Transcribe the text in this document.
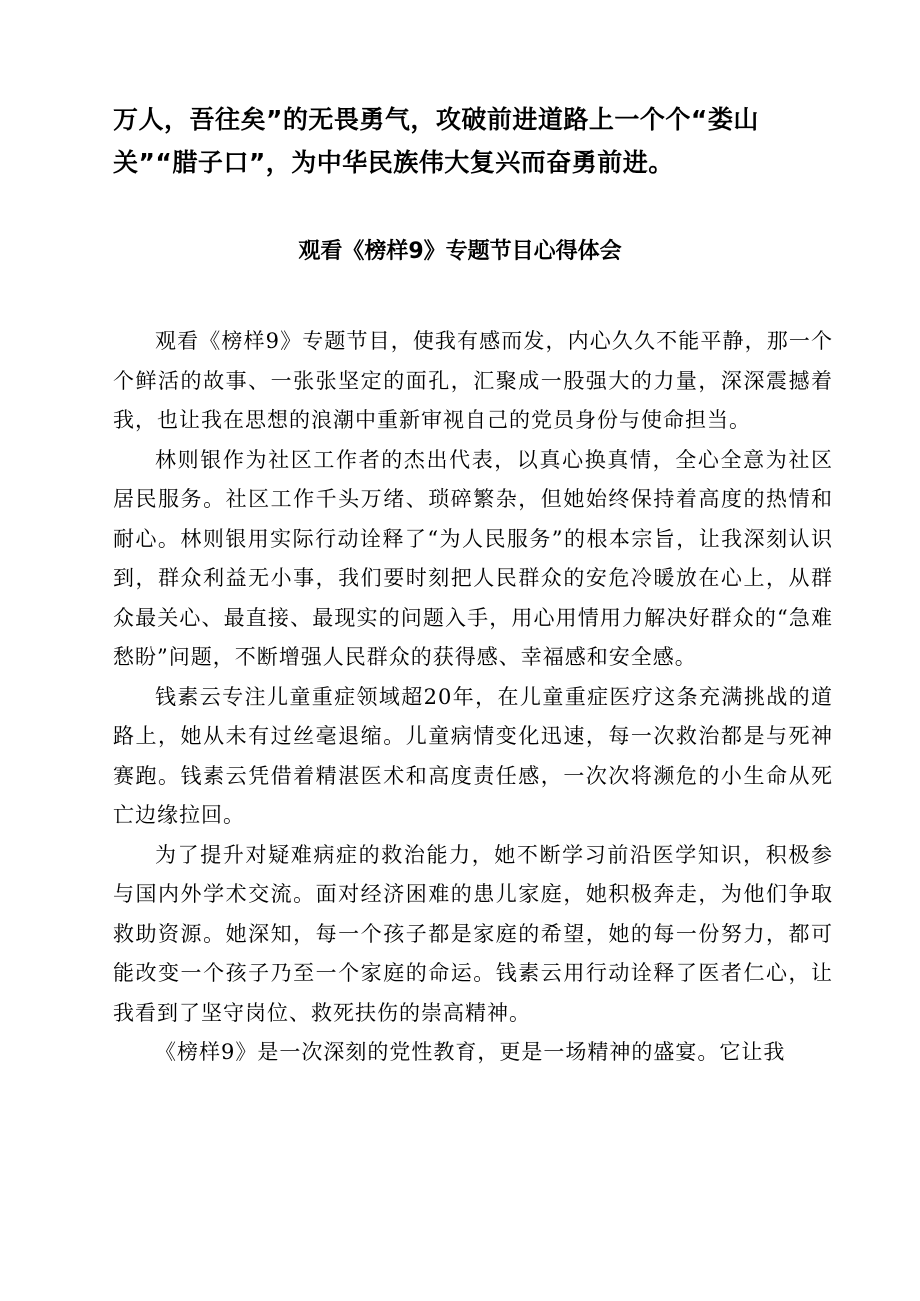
万人，吾往矣”的无畏勇气，攻破前进道路上一个个“娄山关”“腊子口”，为中华民族伟大复兴而奋勇前进。

观看《榜样9》专题节目心得体会

观看《榜样9》专题节目，使我有感而发，内心久久不能平静，那一个个鲜活的故事、一张张坚定的面孔，汇聚成一股强大的力量，深深震撼着我，也让我在思想的浪潮中重新审视自己的党员身份与使命担当。

林则银作为社区工作者的杰出代表，以真心换真情，全心全意为社区居民服务。社区工作千头万绪、琐碎繁杂，但她始终保持着高度的热情和耐心。林则银用实际行动诠释了“为人民服务”的根本宗旨，让我深刻认识到，群众利益无小事，我们要时刻把人民群众的安危冷暖放在心上，从群众最关心、最直接、最现实的问题入手，用心用情用力解决好群众的“急难愁盼”问题，不断增强人民群众的获得感、幸福感和安全感。

钱素云专注儿童重症领域超20年，在儿童重症医疗这条充满挑战的道路上，她从未有过丝毫退缩。儿童病情变化迅速，每一次救治都是与死神赛跑。钱素云凭借着精湛医术和高度责任感，一次次将濒危的小生命从死亡边缘拉回。

为了提升对疑难病症的救治能力，她不断学习前沿医学知识，积极参与国内外学术交流。面对经济困难的患儿家庭，她积极奔走，为他们争取救助资源。她深知，每一个孩子都是家庭的希望，她的每一份努力，都可能改变一个孩子乃至一个家庭的命运。钱素云用行动诠释了医者仁心，让我看到了坚守岗位、救死扶伤的崇高精神。

《榜样9》是一次深刻的党性教育，更是一场精神的盛宴。它让我
